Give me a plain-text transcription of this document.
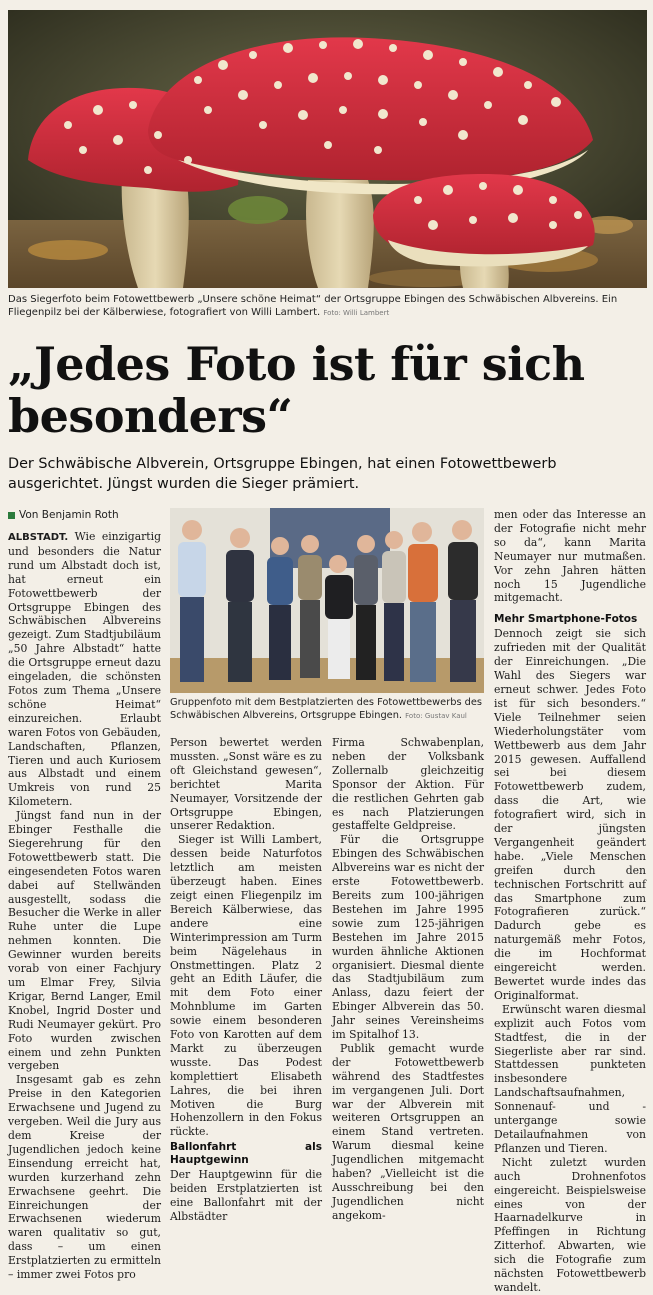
Das Siegerfoto beim Fotowettbewerb „Unsere schöne Heimat“ der Ortsgruppe Ebingen des Schwäbischen Albvereins. Ein Fliegenpilz bei der Kälberwiese, fotografiert von Willi Lambert. Foto: Willi Lambert
„Jedes Foto ist für sich
besonders“
Der Schwäbische Albverein, Ortsgruppe Ebingen, hat einen Fotowettbewerb ausgerichtet. Jüngst wurden die Sieger prämiert.
Von Benjamin Roth
Gruppenfoto mit dem Bestplatzierten des Fotowettbewerbs des Schwäbischen Albvereins, Ortsgruppe Ebingen. Foto: Gustav Kaul

ALBSTADT. Wie einzigartig und besonders die Natur rund um Albstadt doch ist, hat erneut ein Fotowettbewerb der Ortsgruppe Ebingen des Schwäbischen Albvereins gezeigt. Zum Stadtjubiläum „50 Jahre Albstadt“ hatte die Ortsgruppe erneut dazu eingeladen, die schönsten Fotos zum Thema „Unsere schöne Heimat“ einzureichen. Erlaubt waren Fotos von Gebäuden, Landschaften, Pflanzen, Tieren und auch Kuriosem aus Albstadt und einem Umkreis von rund 25 Kilometern.

Jüngst fand nun in der Ebinger Festhalle die Siegerehrung für den Fotowettbewerb statt. Die eingesendeten Fotos waren dabei auf Stellwänden ausgestellt, sodass die Besucher die Werke in aller Ruhe unter die Lupe nehmen konnten. Die Gewinner wurden bereits vorab von einer Fachjury um Elmar Frey, Silvia Krigar, Bernd Langer, Emil Knobel, Ingrid Doster und Rudi Neumayer gekürt. Pro Foto wurden zwischen einem und zehn Punkten vergeben

Insgesamt gab es zehn Preise in den Kategorien Erwachsene und Jugend zu vergeben. Weil die Jury aus dem Kreise der Jugendlichen jedoch keine Einsendung erreicht hat, wurden kurzerhand zehn Erwachsene geehrt. Die Einreichungen der Erwachsenen wiederum waren qualitativ so gut, dass – um einen Erstplatzierten zu ermitteln – immer zwei Fotos pro

Person bewertet werden mussten. „Sonst wäre es zu oft Gleichstand gewesen“, berichtet Marita Neumayer, Vorsitzende der Ortsgruppe Ebingen, unserer Redaktion.

Sieger ist Willi Lambert, dessen beide Naturfotos letztlich am meisten überzeugt haben. Eines zeigt einen Fliegenpilz im Bereich Kälberwiese, das andere eine Winterimpression am Turm beim Nägelehaus in Onstmettingen. Platz 2 geht an Edith Läufer, die mit dem Foto einer Mohnblume im Garten sowie einem besonderen Foto von Karotten auf dem Markt zu überzeugen wusste. Das Podest komplettiert Elisabeth Lahres, die bei ihren Motiven die Burg Hohenzollern in den Fokus rückte.

Ballonfahrt als Hauptgewinn

Der Hauptgewinn für die beiden Erstplatzierten ist eine Ballonfahrt mit der Albstädter

Firma Schwabenplan, neben der Volksbank Zollernalb gleichzeitig Sponsor der Aktion. Für die restlichen Gehrten gab es nach Platzierungen gestaffelte Geldpreise.

Für die Ortsgruppe Ebingen des Schwäbischen Albvereins war es nicht der erste Fotowettbewerb. Bereits zum 100-jährigen Bestehen im Jahre 1995 sowie zum 125-jährigen Bestehen im Jahre 2015 wurden ähnliche Aktionen organisiert. Diesmal diente das Stadtjubiläum zum Anlass, dazu feiert der Ebinger Albverein das 50. Jahr seines Vereinsheims im Spitalhof 13.

Publik gemacht wurde der Fotowettbewerb während des Stadtfestes im vergangenen Juli. Dort war der Albverein mit weiteren Ortsgruppen an einem Stand vertreten. Warum diesmal keine Jugendlichen mitgemacht haben? „Vielleicht ist die Ausschreibung bei den Jugendlichen nicht angekom-

men oder das Interesse an der Fotografie nicht mehr so da“, kann Marita Neumayer nur mutmaßen. Vor zehn Jahren hätten noch 15 Jugendliche mitgemacht.

Mehr Smartphone-Fotos

Dennoch zeigt sie sich zufrieden mit der Qualität der Einreichungen. „Die Wahl des Siegers war erneut schwer. Jedes Foto ist für sich besonders.“ Viele Teilnehmer seien Wiederholungstäter vom Wettbewerb aus dem Jahr 2015 gewesen. Auffallend sei bei diesem Fotowettbewerb zudem, dass die Art, wie fotografiert wird, sich in der jüngsten Vergangenheit geändert habe. „Viele Menschen greifen durch den technischen Fortschritt auf das Smartphone zum Fotografieren zurück.“ Dadurch gebe es naturgemäß mehr Fotos, die im Hochformat eingereicht werden. Bewertet wurde indes das Originalformat.

Erwünscht waren diesmal explizit auch Fotos vom Stadtfest, die in der Siegerliste aber rar sind. Stattdessen punkteten insbesondere Landschaftsaufnahmen, Sonnenauf- und -untergange sowie Detailaufnahmen von Pflanzen und Tieren.

Nicht zuletzt wurden auch Drohnenfotos eingereicht. Beispielsweise eines von der Haarnadelkurve in Pfeffingen in Richtung Zitterhof. Abwarten, wie sich die Fotografie zum nächsten Fotowettbewerb wandelt.
